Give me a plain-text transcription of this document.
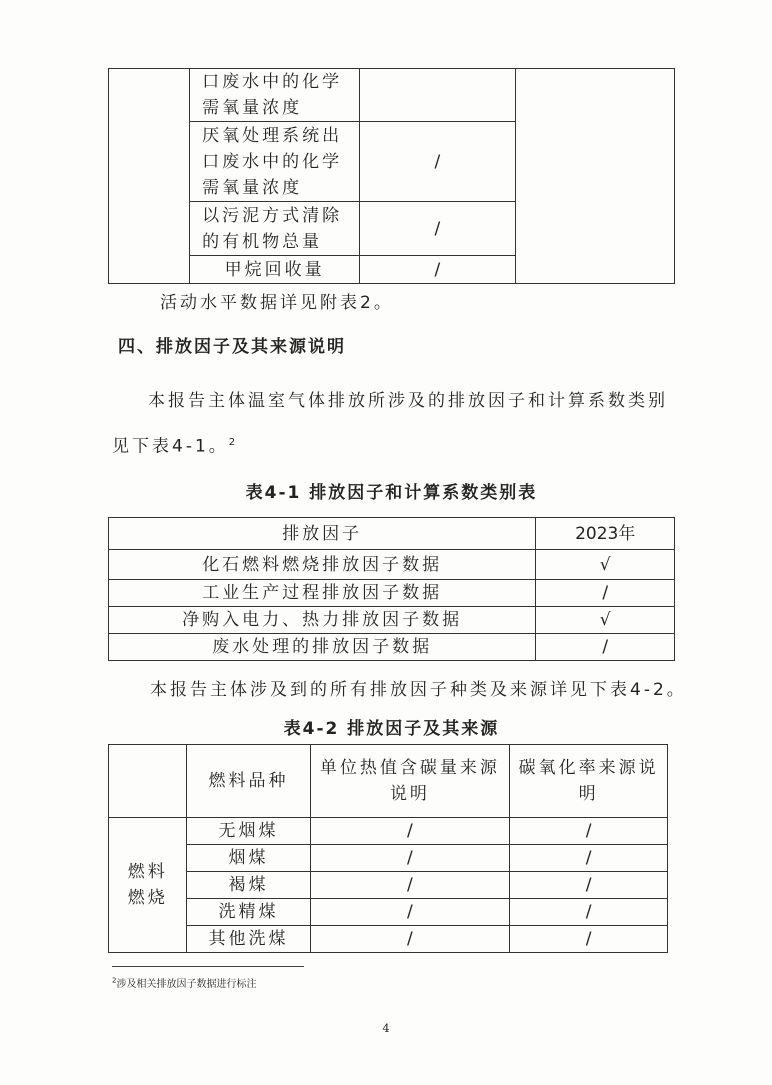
	口废水中的化学需氧量浓度		
	厌氧处理系统出口废水中的化学需氧量浓度	/	
	以污泥方式清除的有机物总量	/	
	甲烷回收量	/	
活动水平数据详见附表2。
四、排放因子及其来源说明
本报告主体温室气体排放所涉及的排放因子和计算系数类别见下表4-1。$^2$
表4-1 排放因子和计算系数类别表
排放因子	2023年
化石燃料燃烧排放因子数据	√
工业生产过程排放因子数据	/
净购入电力、热力排放因子数据	√
废水处理的排放因子数据	/
本报告主体涉及到的所有排放因子种类及来源详见下表4-2。
表4-2 排放因子及其来源
	燃料品种	单位热值含碳量来源说明	碳氧化率来源说明
燃料燃烧	无烟煤	/	/
	烟煤	/	/
	褐煤	/	/
	洗精煤	/	/
	其他洗煤	/	/
$^2$涉及相关排放因子数据进行标注
4
